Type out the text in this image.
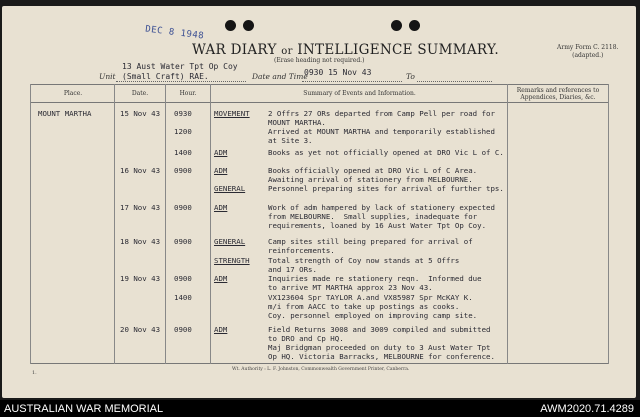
DEC 8 1948
WAR DIARY or INTELLIGENCE SUMMARY.
(Erase heading not required.)
Army Form C. 2118.
(adapted.)
13 Aust Water Tpt Op Coy
Unit (Small Craft) RAE.	Date and Time
0930 15 Nov 43	To
Place.	Date.	Hour.	Summary of Events and Information.	Remarks and references to Appendices, Diaries, &c.
MOUNT MARTHA	15 Nov 43 0930	MOVEMENT 2 Offrs 27 ORs departed from Camp Pell per road for
MOUNT MARTHA.
1200	Arrived at MOUNT MARTHA and temporarily established
at Site 3.
1400	ADM	Books as yet not officially opened at DRO Vic L of C.
16 Nov 43 0900	ADM	Books officially opened at DRO Vic L of C Area.
Awaiting arrival of stationery from MELBOURNE.
GENERAL	Personnel preparing sites for arrival of further tps.
17 Nov 43 0900	ADM	Work of adm hampered by lack of stationery expected
from MELBOURNE.  Small supplies, inadequate for
requirements, loaned by 16 Aust Water Tpt Op Coy.
18 Nov 43 0900	GENERAL	Camp sites still being prepared for arrival of
reinforcements.
STRENGTH Total strength of Coy now stands at 5 Offrs
and 17 ORs.
19 Nov 43 0900	ADM	Inquiries made re stationery reqn.  Informed due
to arrive MT MARTHA approx 23 Nov 43.
1400	VX123604 Spr TAYLOR A.and VX85987 Spr McKAY K.
m/i from AACC to take up postings as cooks.
Coy. personnel employed on improving camp site.
20 Nov 43 0900	ADM	Field Returns 3008 and 3009 compiled and submitted
to DRO and Cp HQ.
Maj Bridgman proceeded on duty to 3 Aust Water Tpt
Op HQ. Victoria Barracks, MELBOURNE for conference.
1.
Wt. Authority : L. F. Johnston, Commonwealth Government Printer, Canberra.
AUSTRALIAN WAR MEMORIAL	AWM2020.71.4289
